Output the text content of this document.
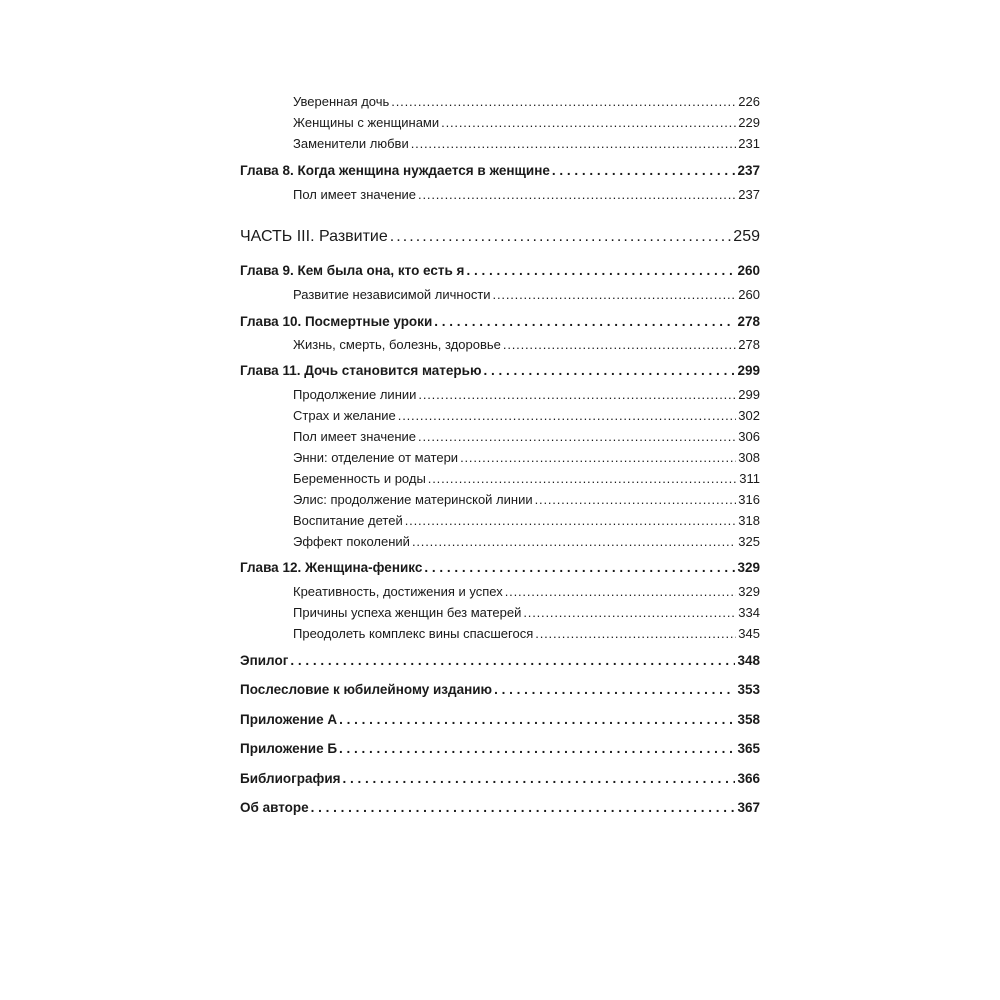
Уверенная дочь . . .	226
Женщины с женщинами . . .	229
Заменители любви . . .	231
Глава 8. Когда женщина нуждается в женщине . . .	237
Пол имеет значение . . .	237
ЧАСТЬ III. Развитие . . .	259
Глава 9. Кем была она, кто есть я . . .	260
Развитие независимой личности . . .	260
Глава 10. Посмертные уроки . . .	278
Жизнь, смерть, болезнь, здоровье . . .	278
Глава 11. Дочь становится матерью . . .	299
Продолжение линии . . .	299
Страх и желание . . .	302
Пол имеет значение . . .	306
Энни: отделение от матери . . .	308
Беременность и роды . . .	311
Элис: продолжение материнской линии . . .	316
Воспитание детей . . .	318
Эффект поколений . . .	325
Глава 12. Женщина-феникс . . .	329
Креативность, достижения и успех . . .	329
Причины успеха женщин без матерей . . .	334
Преодолеть комплекс вины спасшегося . . .	345
Эпилог . . .	348
Послесловие к юбилейному изданию . . .	353
Приложение А . . .	358
Приложение Б . . .	365
Библиография . . .	366
Об авторе . . .	367
